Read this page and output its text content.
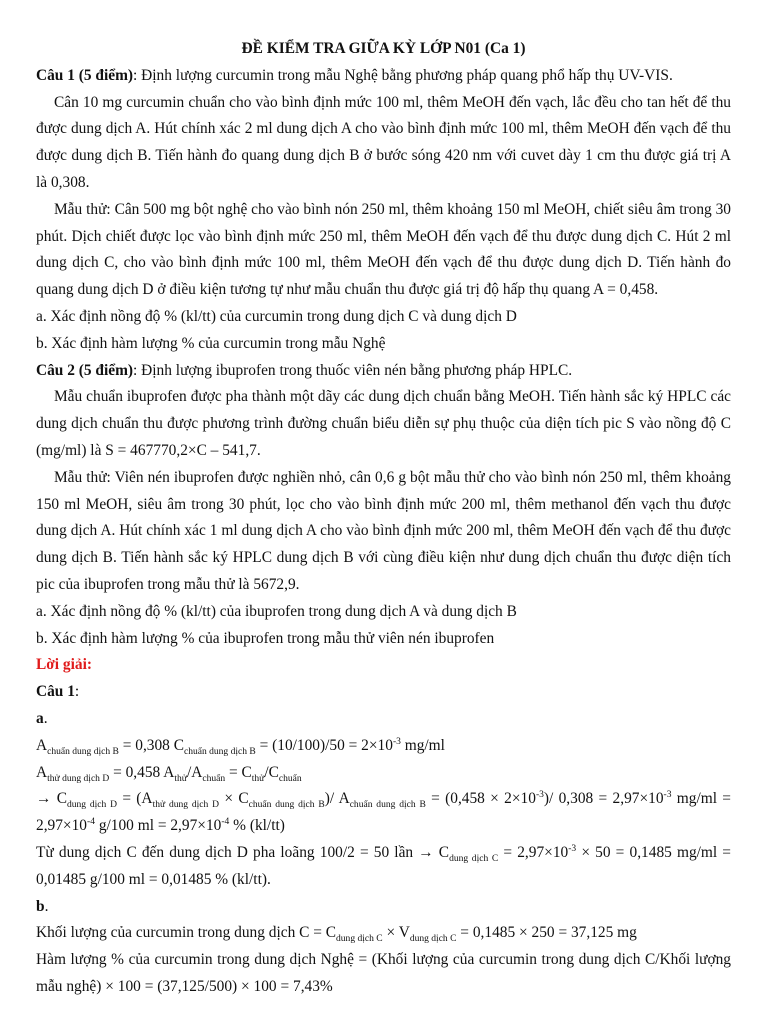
ĐỀ KIỂM TRA GIỮA KỲ LỚP N01 (Ca 1)

Câu 1 (5 điểm): Định lượng curcumin trong mẫu Nghệ bằng phương pháp quang phổ hấp thụ UV-VIS.

Cân 10 mg curcumin chuẩn cho vào bình định mức 100 ml, thêm MeOH đến vạch, lắc đều cho tan hết để thu được dung dịch A. Hút chính xác 2 ml dung dịch A cho vào bình định mức 100 ml, thêm MeOH đến vạch để thu được dung dịch B. Tiến hành đo quang dung dịch B ở bước sóng 420 nm với cuvet dày 1 cm thu được giá trị A là 0,308.

Mẫu thử: Cân 500 mg bột nghệ cho vào bình nón 250 ml, thêm khoảng 150 ml MeOH, chiết siêu âm trong 30 phút. Dịch chiết được lọc vào bình định mức 250 ml, thêm MeOH đến vạch để thu được dung dịch C. Hút 2 ml dung dịch C, cho vào bình định mức 100 ml, thêm MeOH đến vạch để thu được dung dịch D. Tiến hành đo quang dung dịch D ở điều kiện tương tự như mẫu chuẩn thu được giá trị độ hấp thụ quang A = 0,458.

a. Xác định nồng độ % (kl/tt) của curcumin trong dung dịch C và dung dịch D

b. Xác định hàm lượng % của curcumin trong mẫu Nghệ

Câu 2 (5 điểm): Định lượng ibuprofen trong thuốc viên nén bằng phương pháp HPLC.

Mẫu chuẩn ibuprofen được pha thành một dãy các dung dịch chuẩn bằng MeOH. Tiến hành sắc ký HPLC các dung dịch chuẩn thu được phương trình đường chuẩn biểu diễn sự phụ thuộc của diện tích pic S vào nồng độ C (mg/ml) là S = 467770,2×C – 541,7.

Mẫu thử: Viên nén ibuprofen được nghiền nhỏ, cân 0,6 g bột mẫu thử cho vào bình nón 250 ml, thêm khoảng 150 ml MeOH, siêu âm trong 30 phút, lọc cho vào bình định mức 200 ml, thêm methanol đến vạch thu được dung dịch A. Hút chính xác 1 ml dung dịch A cho vào bình định mức 200 ml, thêm MeOH đến vạch để thu được dung dịch B. Tiến hành sắc ký HPLC dung dịch B với cùng điều kiện như dung dịch chuẩn thu được diện tích pic của ibuprofen trong mẫu thử là 5672,9.

a. Xác định nồng độ % (kl/tt) của ibuprofen trong dung dịch A và dung dịch B

b. Xác định hàm lượng % của ibuprofen trong mẫu thử viên nén ibuprofen

Lời giải:

Câu 1:

a.

$A_{chuẩn dung dịch B} = 0,308$ $C_{chuẩn dung dịch B} = (10/100)/50 = 2\times 10^{-3}$ mg/ml

$A_{thử dung dịch D} = 0,458$ $A_{thử}/A_{chuẩn} = C_{thử}/C_{chuẩn}$

→ $C_{dung dịch D} = (A_{thử dung dịch D} \times C_{chuẩn dung dịch B})/$ $A_{chuẩn dung dịch B} = (0,458 \times 2\times 10^{-3})/$ $0,308 = 2,97\times 10^{-3}$ $mg/ml = 2,97\times 10^{-4}$ g/100 ml = $2,97\times 10^{-4}$ % (kl/tt)

Từ dung dịch C đến dung dịch D pha loãng 100/2 = 50 lần → $C_{dung dịch C} = 2,97\times 10^{-3} \times 50 = 0,1485$ mg/ml = 0,01485 g/100 ml = 0,01485 % (kl/tt).

b.

Khối lượng của curcumin trong dung dịch $C = C_{dung dịch C} \times V_{dung dịch C} = 0,1485 \times 250 = 37,125$ mg

Hàm lượng % của curcumin trong dung dịch Nghệ = (Khối lượng của curcumin trong dung dịch C/Khối lượng mẫu nghệ) × 100 = (37,125/500) × 100 = 7,43%
